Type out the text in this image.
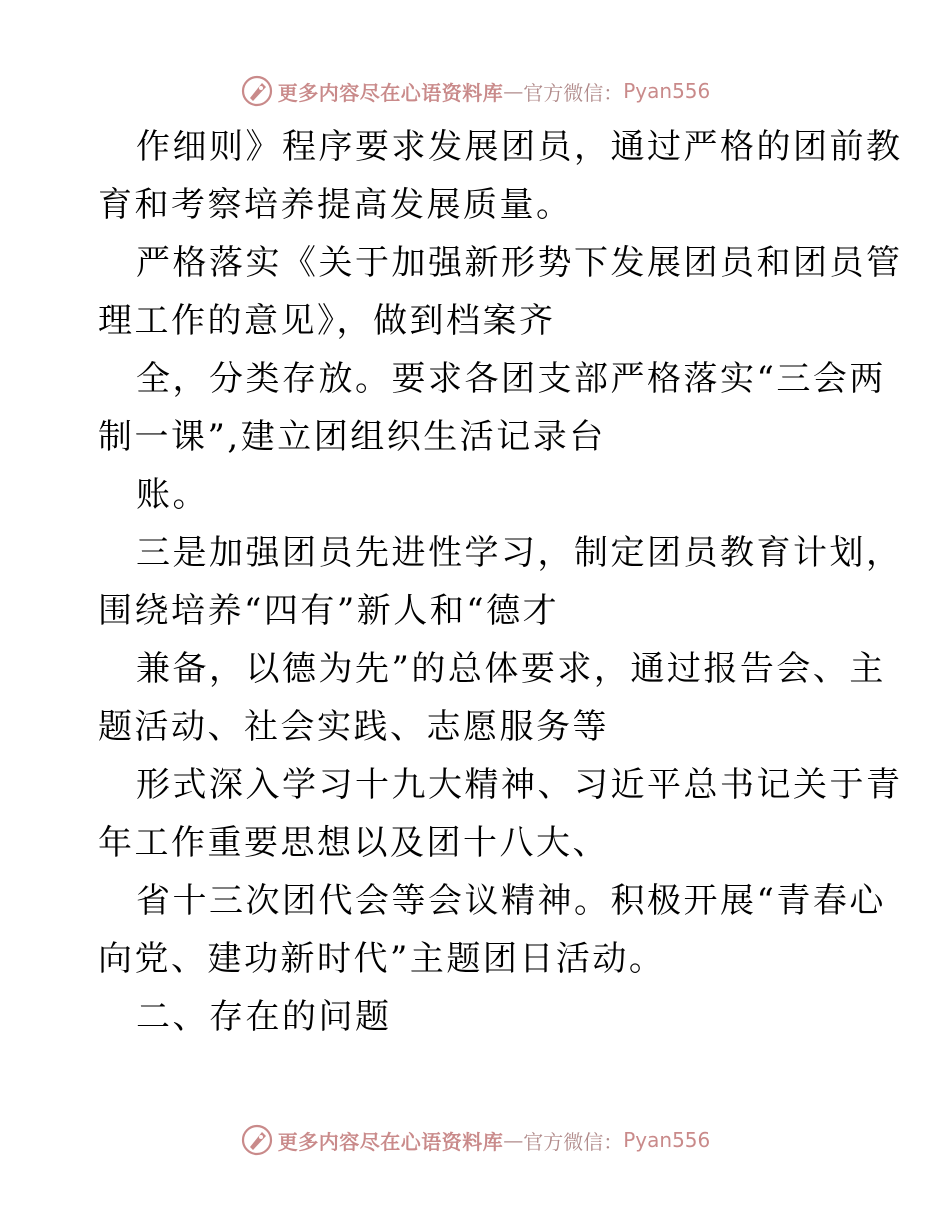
更多内容尽在心语资料库 — 官方微信： Pyan556
作细则》程序要求发展团员，通过严格的团前教
育和考察培养提高发展质量。
严格落实《关于加强新形势下发展团员和团员管
理工作的意见》，做到档案齐
全，分类存放。要求各团支部严格落实“三会两
制一课”,建立团组织生活记录台
账。
三是加强团员先进性学习，制定团员教育计划，
围绕培养“四有”新人和“德才
兼备，以德为先”的总体要求，通过报告会、主
题活动、社会实践、志愿服务等
形式深入学习十九大精神、习近平总书记关于青
年工作重要思想以及团十八大、
省十三次团代会等会议精神。积极开展“青春心
向党、建功新时代”主题团日活动。
二、存在的问题
更多内容尽在心语资料库 — 官方微信： Pyan556
